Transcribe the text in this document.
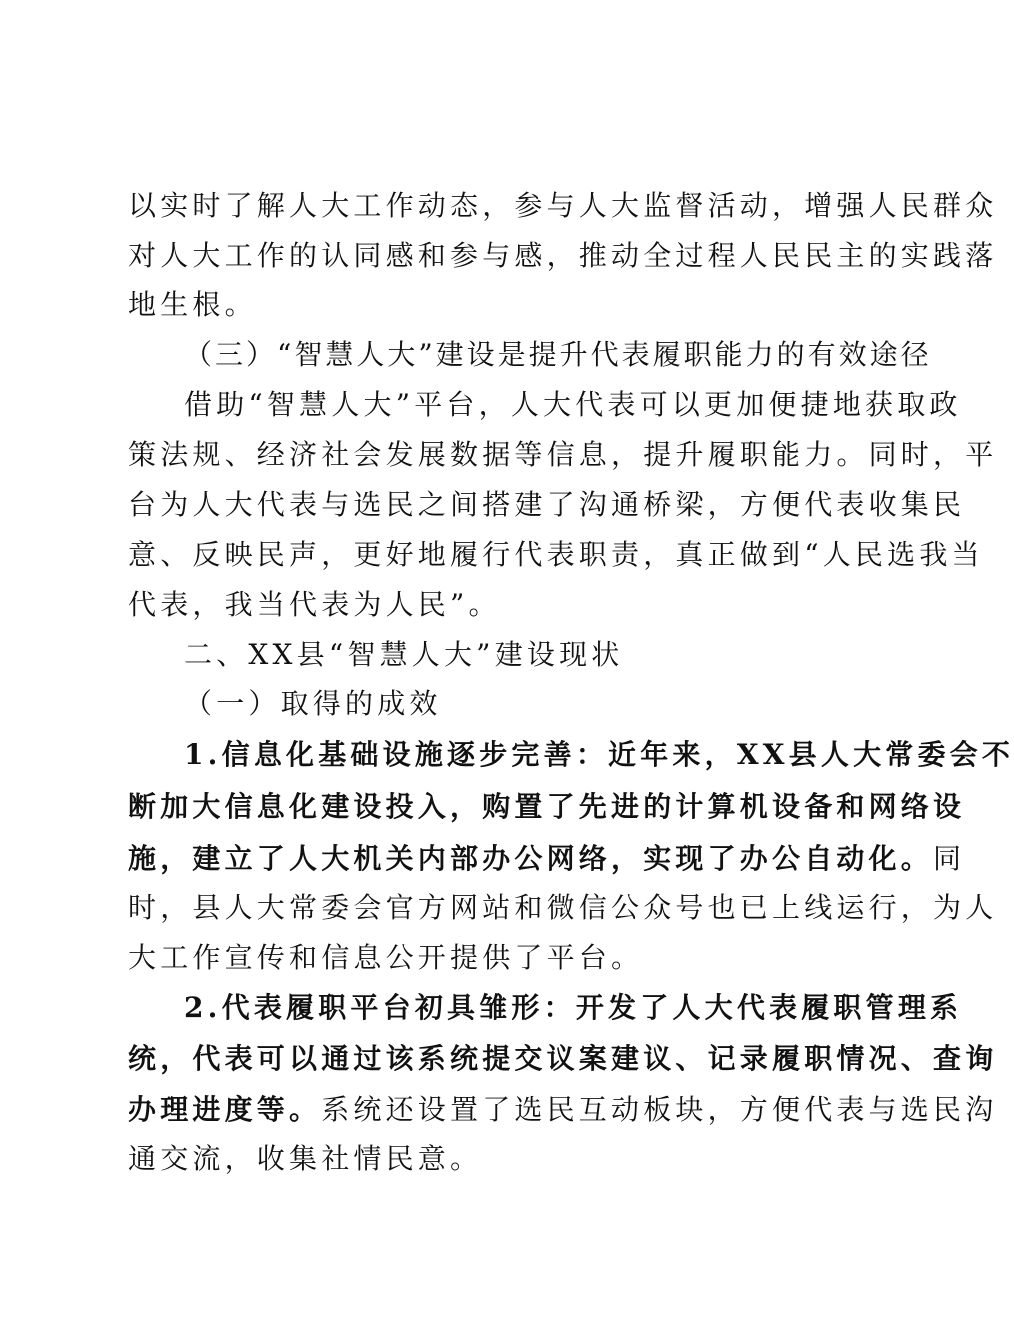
以实时了解人大工作动态，参与人大监督活动，增强人民群众
对人大工作的认同感和参与感，推动全过程人民民主的实践落
地生根。
（三）“智慧人大”建设是提升代表履职能力的有效途径
借助“智慧人大”平台，人大代表可以更加便捷地获取政
策法规、经济社会发展数据等信息，提升履职能力。同时，平
台为人大代表与选民之间搭建了沟通桥梁，方便代表收集民
意、反映民声，更好地履行代表职责，真正做到“人民选我当
代表，我当代表为人民”。
二、XX县“智慧人大”建设现状
（一）取得的成效
1.信息化基础设施逐步完善：近年来，XX县人大常委会不
断加大信息化建设投入，购置了先进的计算机设备和网络设
施，建立了人大机关内部办公网络，实现了办公自动化。同
时，县人大常委会官方网站和微信公众号也已上线运行，为人
大工作宣传和信息公开提供了平台。
2.代表履职平台初具雏形：开发了人大代表履职管理系
统，代表可以通过该系统提交议案建议、记录履职情况、查询
办理进度等。系统还设置了选民互动板块，方便代表与选民沟
通交流，收集社情民意。
